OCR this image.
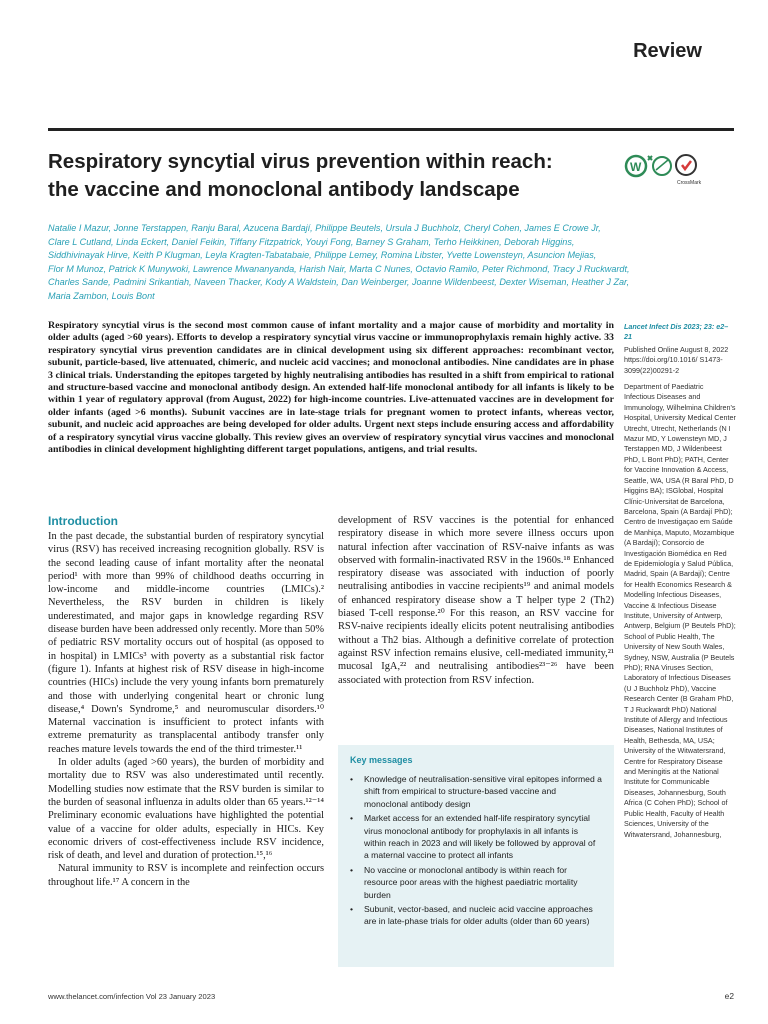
Review
Respiratory syncytial virus prevention within reach:
the vaccine and monoclonal antibody landscape
W
CrossMark
Natalie I Mazur, Jonne Terstappen, Ranju Baral, Azucena Bardají, Philippe Beutels, Ursula J Buchholz, Cheryl Cohen, James E Crowe Jr,
Clare L Cutland, Linda Eckert, Daniel Feikin, Tiffany Fitzpatrick, Youyi Fong, Barney S Graham, Terho Heikkinen, Deborah Higgins,
Siddhivinayak Hirve, Keith P Klugman, Leyla Kragten-Tabatabaie, Philippe Lemey, Romina Libster, Yvette Lowensteyn, Asuncion Mejias,
Flor M Munoz, Patrick K Munywoki, Lawrence Mwananyanda, Harish Nair, Marta C Nunes, Octavio Ramilo, Peter Richmond, Tracy J Ruckwardt,
Charles Sande, Padmini Srikantiah, Naveen Thacker, Kody A Waldstein, Dan Weinberger, Joanne Wildenbeest, Dexter Wiseman, Heather J Zar,
Maria Zambon, Louis Bont

Respiratory syncytial virus is the second most common cause of infant mortality and a major cause of morbidity and mortality in older adults (aged >60 years). Efforts to develop a respiratory syncytial virus vaccine or immunoprophylaxis remain highly active. 33 respiratory syncytial virus prevention candidates are in clinical development using six different approaches: recombinant vector, subunit, particle-based, live attenuated, chimeric, and nucleic acid vaccines; and monoclonal antibodies. Nine candidates are in phase 3 clinical trials. Understanding the epitopes targeted by highly neutralising antibodies has resulted in a shift from empirical to rational and structure-based vaccine and monoclonal antibody design. An extended half-life monoclonal antibody for all infants is likely to be within 1 year of regulatory approval (from August, 2022) for high-income countries. Live-attenuated vaccines are in development for older infants (aged >6 months). Subunit vaccines are in late-stage trials for pregnant women to protect infants, whereas vector, subunit, and nucleic acid approaches are being developed for older adults. Urgent next steps include ensuring access and affordability of a respiratory syncytial virus vaccine globally. This review gives an overview of respiratory syncytial virus vaccines and monoclonal antibodies in clinical development highlighting different target populations, antigens, and trial results.

Introduction

In the past decade, the substantial burden of respiratory syncytial virus (RSV) has received increasing recognition globally. RSV is the second leading cause of infant mortality after the neonatal period¹ with more than 99% of childhood deaths occurring in low-income and middle-income countries (LMICs).² Nevertheless, the RSV burden in children is likely underestimated, and major gaps in knowledge regarding RSV disease burden have been addressed only recently. More than 50% of pediatric RSV mortality occurs out of hospital (as opposed to in hospital) in LMICs³ with poverty as a substantial risk factor (figure 1). Infants at highest risk of RSV disease in high-income countries (HICs) include the very young infants born prematurely and those with underlying congenital heart or chronic lung disease,⁴ Down's Syndrome,⁵ and neuromuscular disorders.¹⁰ Maternal vaccination is insufficient to protect infants with extreme prematurity as transplacental antibody transfer only reaches mature levels towards the end of the third trimester.¹¹

In older adults (aged >60 years), the burden of morbidity and mortality due to RSV was also underestimated until recently. Modelling studies now estimate that the RSV burden is similar to the burden of seasonal influenza in adults older than 65 years.¹²⁻¹⁴ Preliminary economic evaluations have highlighted the potential value of a vaccine for older adults, especially in HICs. Key economic drivers of cost-effectiveness include RSV incidence, risk of death, and level and duration of protection.¹⁵,¹⁶

Natural immunity to RSV is incomplete and reinfection occurs throughout life.¹⁷ A concern in the

development of RSV vaccines is the potential for enhanced respiratory disease in which more severe illness occurs upon natural infection after vaccination of RSV-naive infants as was observed with formalin-inactivated RSV in the 1960s.¹⁸ Enhanced respiratory disease was associated with induction of poorly neutralising antibodies in vaccine recipients¹⁹ and animal models of enhanced respiratory disease show a T helper type 2 (Th2) biased T-cell response.²⁰ For this reason, an RSV vaccine for RSV-naive recipients ideally elicits potent neutralising antibodies without a Th2 bias. Although a definitive correlate of protection against RSV infection remains elusive, cell-mediated immunity,²¹ mucosal IgA,²² and neutralising antibodies²³⁻²⁶ have been associated with protection from RSV infection.

Key messages
• Knowledge of neutralisation-sensitive viral epitopes informed a shift from empirical to structure-based vaccine and monoclonal antibody design
• Market access for an extended half-life respiratory syncytial virus monoclonal antibody for prophylaxis in all infants is within reach in 2023 and will likely be followed by approval of a maternal vaccine to protect all infants
• No vaccine or monoclonal antibody is within reach for resource poor areas with the highest paediatric mortality burden
• Subunit, vector-based, and nucleic acid vaccine approaches are in late-phase trials for older adults (older than 60 years)
Lancet Infect Dis 2023; 23: e2–21
Published Online August 8, 2022 https://doi.org/10.1016/ S1473-3099(22)00291-2
Department of Paediatric Infectious Diseases and Immunology, Wilhelmina Children's Hospital, University Medical Center Utrecht, Utrecht, Netherlands (N I Mazur MD, Y Lowensteyn MD, J Terstappen MD, J Wildenbeest PhD, L Bont PhD); PATH, Center for Vaccine Innovation & Access, Seattle, WA, USA (R Baral PhD, D Higgins BA); ISGlobal, Hospital Clínic-Universitat de Barcelona, Barcelona, Spain (A Bardají PhD); Centro de Investigaçao em Saúde de Manhiça, Maputo, Mozambique (A Bardají); Consorcio de Investigación Biomédica en Red de Epidemiología y Salud Pública, Madrid, Spain (A Bardají); Centre for Health Economics Research & Modelling Infectious Diseases, Vaccine & Infectious Disease Institute, University of Antwerp, Antwerp, Belgium (P Beutels PhD); School of Public Health, The University of New South Wales, Sydney, NSW, Australia (P Beutels PhD); RNA Viruses Section, Laboratory of Infectious Diseases (U J Buchholz PhD), Vaccine Research Center (B Graham PhD, T J Ruckwardt PhD) National Institute of Allergy and Infectious Diseases, National Institutes of Health, Bethesda, MA, USA; University of the Witwatersrand, Centre for Respiratory Disease and Meningitis at the National Institute for Communicable Diseases, Johannesburg, South Africa (C Cohen PhD); School of Public Health, Faculty of Health Sciences, University of the Witwatersrand, Johannesburg,
www.thelancet.com/infection Vol 23 January 2023	e2
